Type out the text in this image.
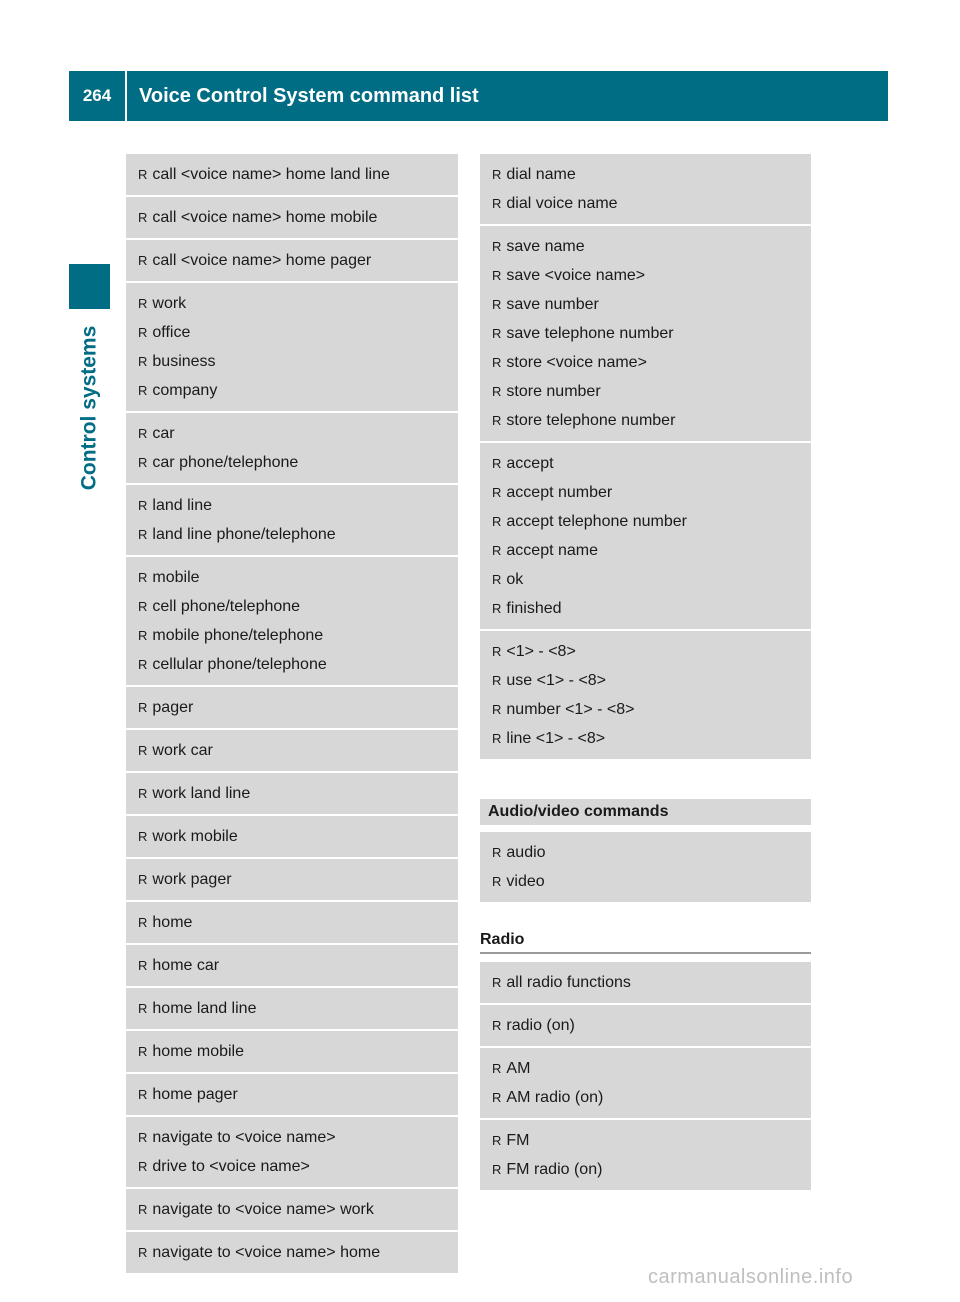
264	Voice Control System command list
Control systems
R call <voice name> home land line
R call <voice name> home mobile
R call <voice name> home pager
R work
R office
R business
R company
R car
R car phone/telephone
R land line
R land line phone/telephone
R mobile
R cell phone/telephone
R mobile phone/telephone
R cellular phone/telephone
R pager
R work car
R work land line
R work mobile
R work pager
R home
R home car
R home land line
R home mobile
R home pager
R navigate to <voice name>
R drive to <voice name>
R navigate to <voice name> work
R navigate to <voice name> home
R dial name
R dial voice name
R save name
R save <voice name>
R save number
R save telephone number
R store <voice name>
R store number
R store telephone number
R accept
R accept number
R accept telephone number
R accept name
R ok
R finished
R <1> - <8>
R use <1> - <8>
R number <1> - <8>
R line <1> - <8>
Audio/video commands
R audio
R video
Radio
R all radio functions
R radio (on)
R AM
R AM radio (on)
R FM
R FM radio (on)
carmanualsonline.info
